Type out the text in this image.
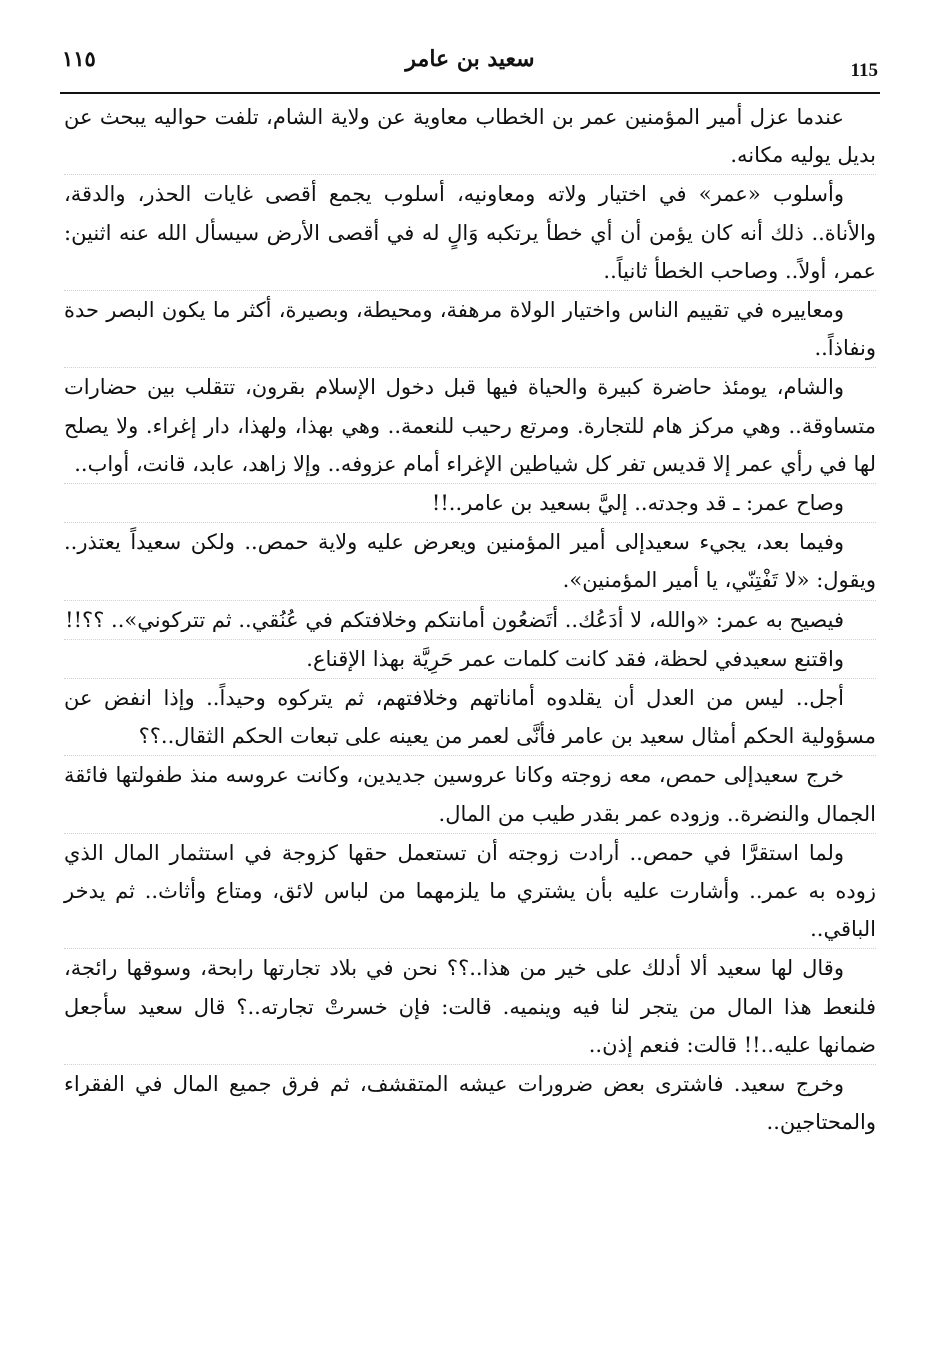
١١٥	سعيد بن عامر	115

عندما عزل أمير المؤمنين عمر بن الخطاب معاوية عن ولاية الشام، تلفت حواليه يبحث عن بديل يوليه مكانه.

وأسلوب «عمر» في اختيار ولاته ومعاونيه، أسلوب يجمع أقصى غايات الحذر، والدقة، والأناة.. ذلك أنه كان يؤمن أن أي خطأ يرتكبه وَالٍ له في أقصى الأرض سيسأل الله عنه اثنين: عمر، أولاً.. وصاحب الخطأ ثانياً..

ومعاييره في تقييم الناس واختيار الولاة مرهفة، ومحيطة، وبصيرة، أكثر ما يكون البصر حدة ونفاذاً..

والشام، يومئذ حاضرة كبيرة والحياة فيها قبل دخول الإسلام بقرون، تتقلب بين حضارات متساوقة.. وهي مركز هام للتجارة. ومرتع رحيب للنعمة.. وهي بهذا، ولهذا، دار إغراء. ولا يصلح لها في رأي عمر إلا قديس تفر كل شياطين الإغراء أمام عزوفه.. وإلا زاهد، عابد، قانت، أواب..

وصاح عمر: ـ قد وجدته.. إليَّ بسعيد بن عامر..!!

وفيما بعد، يجيء سعيدإلى أمير المؤمنين ويعرض عليه ولاية حمص.. ولكن سعيداً يعتذر.. ويقول: «لا تَفْتِنّي، يا أمير المؤمنين».

فيصيح به عمر: «والله، لا أدَعُك.. أتَضعُون أمانتكم وخلافتكم في عُنُقي.. ثم تتركوني».. ؟؟!!

واقتنع سعيدفي لحظة، فقد كانت كلمات عمر حَرِيَّة بهذا الإقناع.

أجل.. ليس من العدل أن يقلدوه أماناتهم وخلافتهم، ثم يتركوه وحيداً.. وإذا انفض عن مسؤولية الحكم أمثال سعيد بن عامر فأنَّى لعمر من يعينه على تبعات الحكم الثقال..؟؟

خرج سعيدإلى حمص، معه زوجته وكانا عروسين جديدين، وكانت عروسه منذ طفولتها فائقة الجمال والنضرة.. وزوده عمر بقدر طيب من المال.

ولما استقرَّا في حمص.. أرادت زوجته أن تستعمل حقها كزوجة في استثمار المال الذي زوده به عمر.. وأشارت عليه بأن يشتري ما يلزمهما من لباس لائق، ومتاع وأثاث.. ثم يدخر الباقي..

وقال لها سعيد ألا أدلك على خير من هذا..؟؟ نحن في بلاد تجارتها رابحة، وسوقها رائجة، فلنعط هذا المال من يتجر لنا فيه وينميه. قالت: فإن خسرتْ تجارته..؟ قال سعيد سأجعل ضمانها عليه..!! قالت: فنعم إذن..

وخرج سعيد. فاشترى بعض ضرورات عيشه المتقشف، ثم فرق جميع المال في الفقراء والمحتاجين..
